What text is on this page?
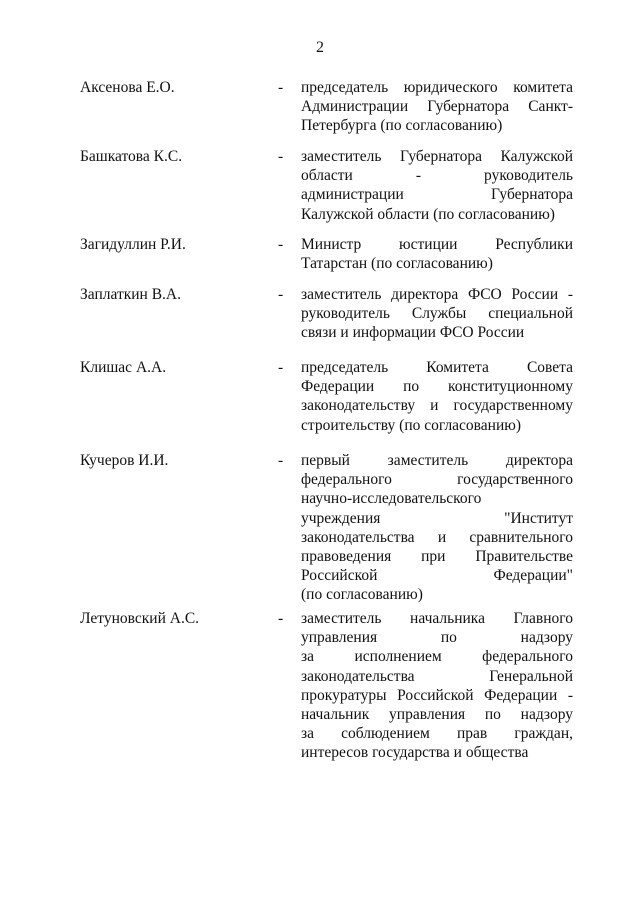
2
Аксенова Е.О.	- председатель юридического комитета
Администрации Губернатора Санкт-
Петербурга (по согласованию)
Башкатова К.С.	- заместитель Губернатора Калужской
области - руководитель
администрации Губернатора
Калужской области (по согласованию)
Загидуллин Р.И.	- Министр юстиции Республики
Татарстан (по согласованию)
Заплаткин В.А.	- заместитель директора ФСО России -
руководитель Службы специальной
связи и информации ФСО России
Клишас А.А.	- председатель Комитета Совета
Федерации по конституционному
законодательству и государственному
строительству (по согласованию)
Кучеров И.И.	- первый заместитель директора
федерального государственного
научно-исследовательского
учреждения "Институт
законодательства и сравнительного
правоведения при Правительстве
Российской Федерации"
(по согласованию)
Летуновский А.С.	- заместитель начальника Главного
управления по надзору
за исполнением федерального
законодательства Генеральной
прокуратуры Российской Федерации -
начальник управления по надзору
за соблюдением прав граждан,
интересов государства и общества
